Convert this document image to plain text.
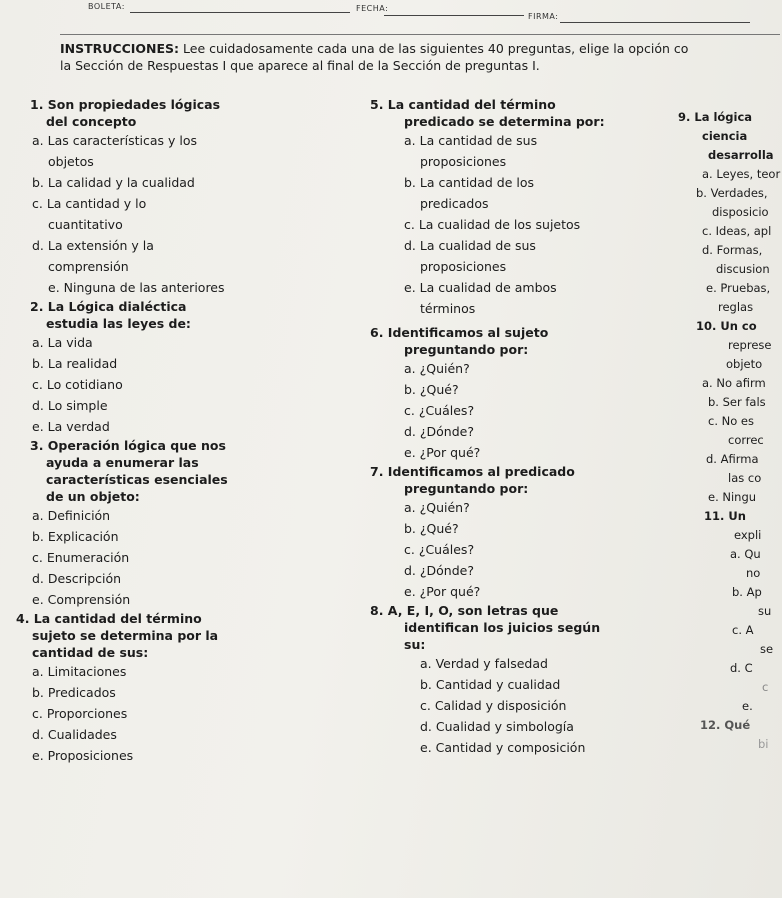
BOLETA:	FECHA:
FIRMA:
INSTRUCCIONES: Lee cuidadosamente cada una de las siguientes 40 preguntas, elige la opción co
la Sección de Respuestas I que aparece al final de la Sección de preguntas I.
1. Son propiedades lógicas
del concepto
a. Las características y los
objetos
b. La calidad y la cualidad
c. La cantidad y lo
cuantitativo
d. La extensión y la
comprensión
e. Ninguna de las anteriores
2. La Lógica dialéctica
estudia las leyes de:
a. La vida
b. La realidad
c. Lo cotidiano
d. Lo simple
e. La verdad
3. Operación lógica que nos
ayuda a enumerar las
características esenciales
de un objeto:
a. Definición
b. Explicación
c. Enumeración
d. Descripción
e. Comprensión
4. La cantidad del término
sujeto se determina por la
cantidad de sus:
a. Limitaciones
b. Predicados
c. Proporciones
d. Cualidades
e. Proposiciones
5. La cantidad del término
predicado se determina por:
a. La cantidad de sus
proposiciones
b. La cantidad de los
predicados
c. La cualidad de los sujetos
d. La cualidad de sus
proposiciones
e. La cualidad de ambos
términos
6. Identificamos al sujeto
preguntando por:
a. ¿Quién?
b. ¿Qué?
c. ¿Cuáles?
d. ¿Dónde?
e. ¿Por qué?
7. Identificamos al predicado
preguntando por:
a. ¿Quién?
b. ¿Qué?
c. ¿Cuáles?
d. ¿Dónde?
e. ¿Por qué?
8. A, E, I, O, son letras que
identifican los juicios según
su:
a. Verdad y falsedad
b. Cantidad y cualidad
c. Calidad y disposición
d. Cualidad y simbología
e. Cantidad y composición
9. La lógica
ciencia
desarrolla
a. Leyes, teor
b. Verdades,
disposicio
c. Ideas, apl
d. Formas,
discusion
e. Pruebas,
reglas
10. Un co
represe
objeto
a. No afirm
b. Ser fals
c. No es
correc
d. Afirma
las co
e. Ningu
11. Un
expli
a. Qu
no
b. Ap
su
c. A
se
d. C
c
e.
12. Qué
bi
